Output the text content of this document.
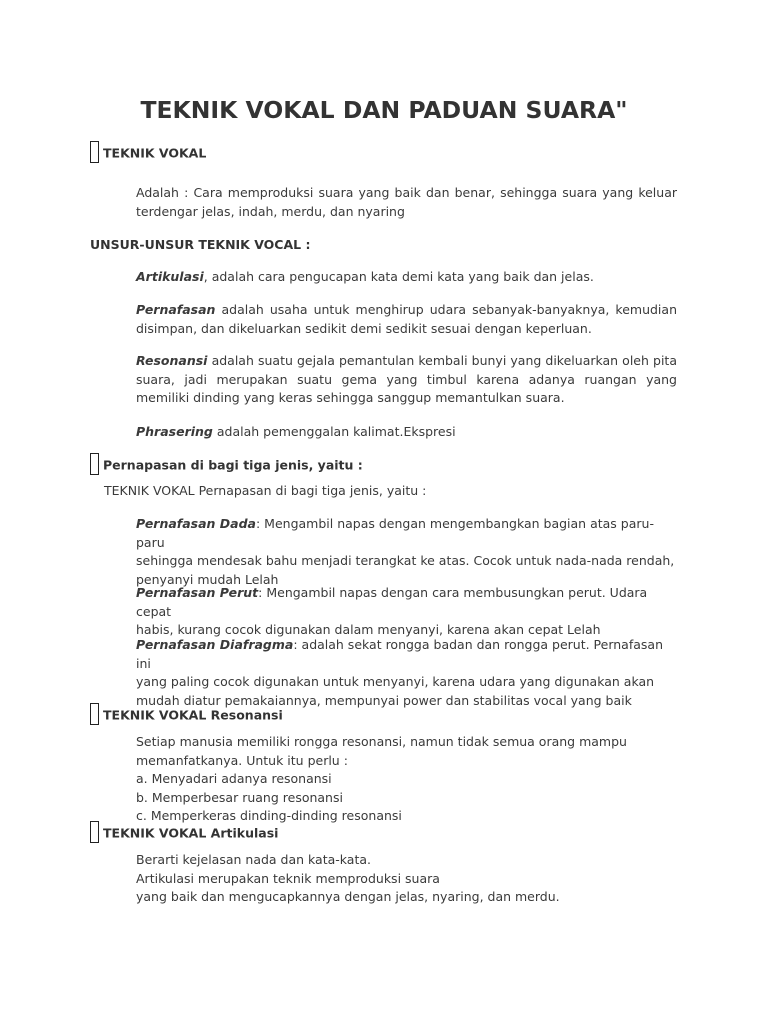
TEKNIK VOKAL DAN PADUAN SUARA"
TEKNIK VOKAL
Adalah : Cara memproduksi suara yang baik dan benar, sehingga suara yang keluar terdengar jelas, indah, merdu, dan nyaring
UNSUR-UNSUR TEKNIK VOCAL :
Artikulasi, adalah cara pengucapan kata demi kata yang baik dan jelas.
Pernafasan adalah usaha untuk menghirup udara sebanyak-banyaknya, kemudian disimpan, dan dikeluarkan sedikit demi sedikit sesuai dengan keperluan.
Resonansi adalah suatu gejala pemantulan kembali bunyi yang dikeluarkan oleh pita suara, jadi merupakan suatu gema yang timbul karena adanya ruangan yang memiliki dinding yang keras sehingga sanggup memantulkan suara.
Phrasering adalah pemenggalan kalimat.Ekspresi
Pernapasan di bagi tiga jenis, yaitu :
TEKNIK VOKAL Pernapasan di bagi tiga jenis, yaitu :
Pernafasan Dada: Mengambil napas dengan mengembangkan bagian atas paru-paru
sehingga mendesak bahu menjadi terangkat ke atas. Cocok untuk nada-nada rendah,
penyanyi mudah Lelah
Pernafasan Perut: Mengambil napas dengan cara membusungkan perut. Udara cepat
habis, kurang cocok digunakan dalam menyanyi, karena akan cepat Lelah
Pernafasan Diafragma: adalah sekat rongga badan dan rongga perut. Pernafasan ini
yang paling cocok digunakan untuk menyanyi, karena udara yang digunakan akan
mudah diatur pemakaiannya, mempunyai power dan stabilitas vocal yang baik
TEKNIK VOKAL Resonansi
Setiap manusia memiliki rongga resonansi, namun tidak semua orang mampu
memanfatkanya. Untuk itu perlu :
a. Menyadari adanya resonansi
b. Memperbesar ruang resonansi
c. Memperkeras dinding-dinding resonansi
TEKNIK VOKAL Artikulasi
Berarti kejelasan nada dan kata-kata.
Artikulasi merupakan teknik memproduksi suara
yang baik dan mengucapkannya dengan jelas, nyaring, dan merdu.
